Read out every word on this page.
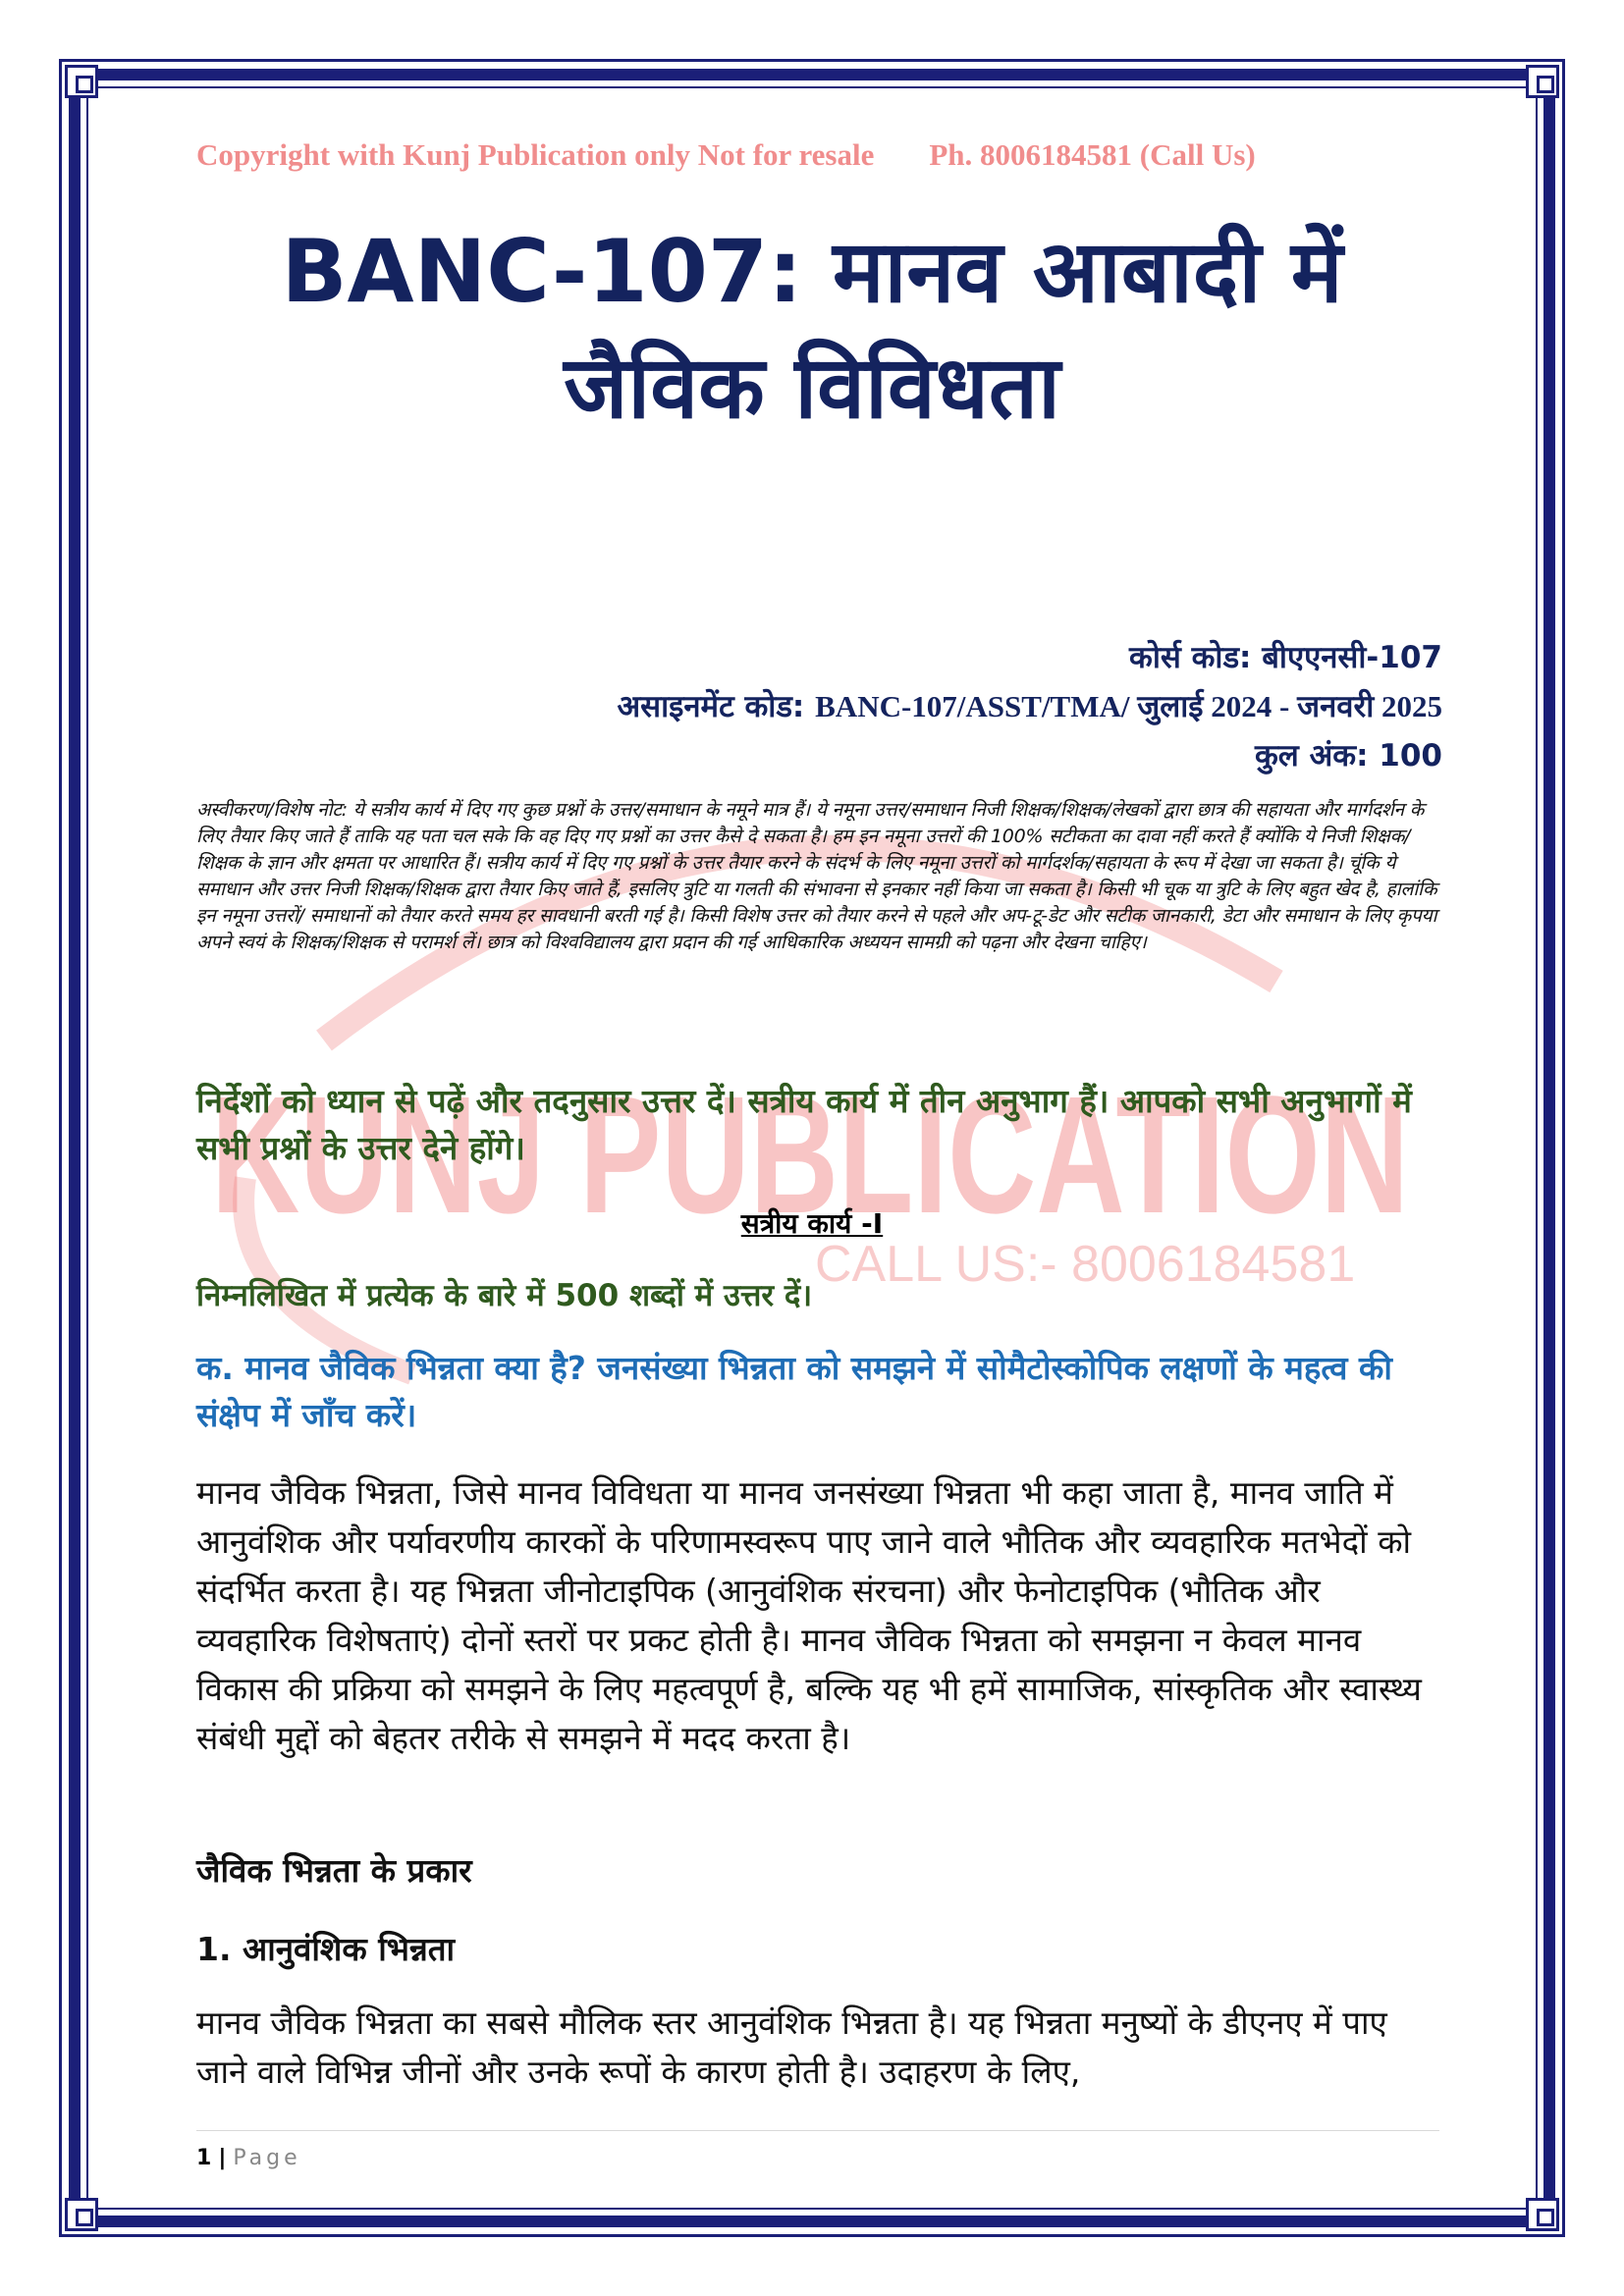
KUNJ PUBLICATION
CALL US:- 8006184581
Copyright with Kunj Publication only Not for resale Ph. 8006184581 (Call Us)
BANC-107: मानव आबादी में
जैविक विविधता
कोर्स कोड: बीएएनसी-107
असाइनमेंट कोड: BANC-107/ASST/TMA/ जुलाई 2024 - जनवरी 2025
कुल अंक: 100
अस्वीकरण/विशेष नोट: ये सत्रीय कार्य में दिए गए कुछ प्रश्नों के उत्तर/समाधान के नमूने मात्र हैं। ये नमूना उत्तर/समाधान निजी शिक्षक/शिक्षक/लेखकों द्वारा छात्र की सहायता और मार्गदर्शन के लिए तैयार किए जाते हैं ताकि यह पता चल सके कि वह दिए गए प्रश्नों का उत्तर कैसे दे सकता है। हम इन नमूना उत्तरों की 100% सटीकता का दावा नहीं करते हैं क्योंकि ये निजी शिक्षक/शिक्षक के ज्ञान और क्षमता पर आधारित हैं। सत्रीय कार्य में दिए गए प्रश्नों के उत्तर तैयार करने के संदर्भ के लिए नमूना उत्तरों को मार्गदर्शक/सहायता के रूप में देखा जा सकता है। चूंकि ये समाधान और उत्तर निजी शिक्षक/शिक्षक द्वारा तैयार किए जाते हैं, इसलिए त्रुटि या गलती की संभावना से इनकार नहीं किया जा सकता है। किसी भी चूक या त्रुटि के लिए बहुत खेद है, हालांकि इन नमूना उत्तरों/ समाधानों को तैयार करते समय हर सावधानी बरती गई है। किसी विशेष उत्तर को तैयार करने से पहले और अप-टू-डेट और सटीक जानकारी, डेटा और समाधान के लिए कृपया अपने स्वयं के शिक्षक/शिक्षक से परामर्श लें। छात्र को विश्वविद्यालय द्वारा प्रदान की गई आधिकारिक अध्ययन सामग्री को पढ़ना और देखना चाहिए।
निर्देशों को ध्यान से पढ़ें और तदनुसार उत्तर दें। सत्रीय कार्य में तीन अनुभाग हैं। आपको सभी अनुभागों में सभी प्रश्नों के उत्तर देने होंगे।
सत्रीय कार्य -I
निम्नलिखित में प्रत्येक के बारे में 500 शब्दों में उत्तर दें।
क. मानव जैविक भिन्नता क्या है? जनसंख्या भिन्नता को समझने में सोमैटोस्कोपिक लक्षणों के महत्व की संक्षेप में जाँच करें।
मानव जैविक भिन्नता, जिसे मानव विविधता या मानव जनसंख्या भिन्नता भी कहा जाता है, मानव जाति में आनुवंशिक और पर्यावरणीय कारकों के परिणामस्वरूप पाए जाने वाले भौतिक और व्यवहारिक मतभेदों को संदर्भित करता है। यह भिन्नता जीनोटाइपिक (आनुवंशिक संरचना) और फेनोटाइपिक (भौतिक और व्यवहारिक विशेषताएं) दोनों स्तरों पर प्रकट होती है। मानव जैविक भिन्नता को समझना न केवल मानव विकास की प्रक्रिया को समझने के लिए महत्वपूर्ण है, बल्कि यह भी हमें सामाजिक, सांस्कृतिक और स्वास्थ्य संबंधी मुद्दों को बेहतर तरीके से समझने में मदद करता है।
जैविक भिन्नता के प्रकार
1. आनुवंशिक भिन्नता
मानव जैविक भिन्नता का सबसे मौलिक स्तर आनुवंशिक भिन्नता है। यह भिन्नता मनुष्यों के डीएनए में पाए जाने वाले विभिन्न जीनों और उनके रूपों के कारण होती है। उदाहरण के लिए,
1 | Page
